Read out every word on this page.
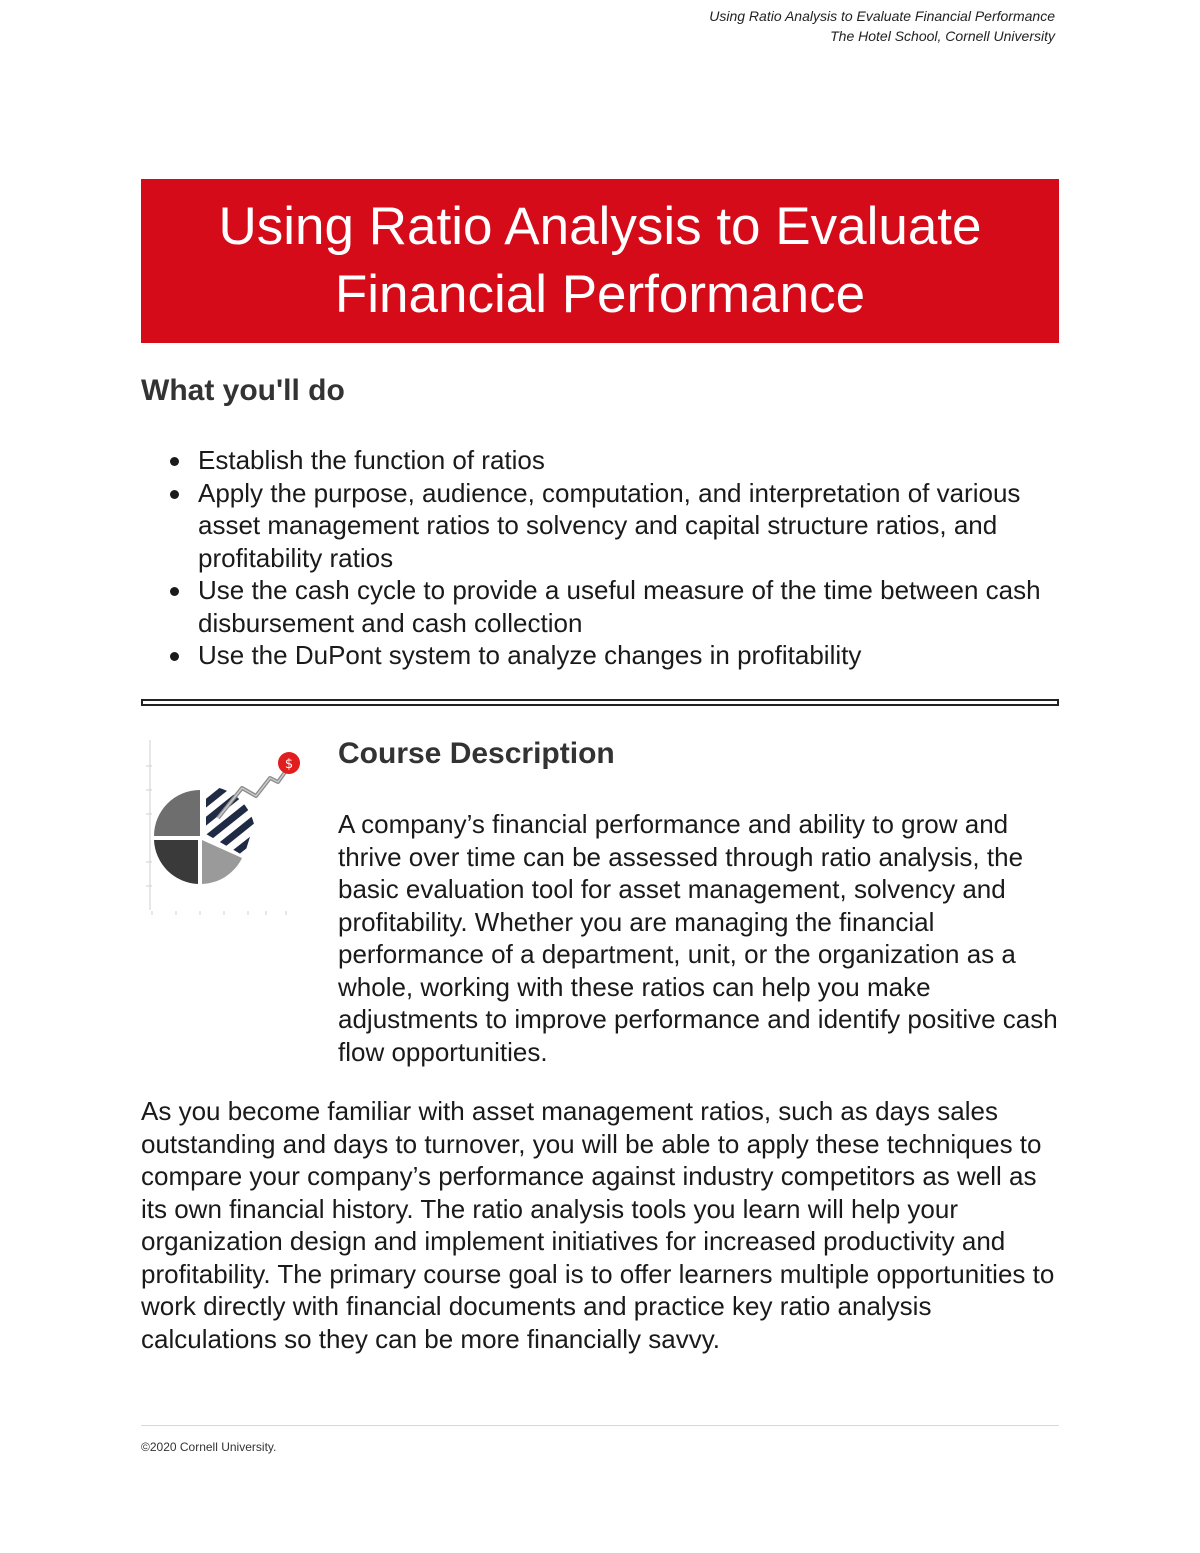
Using Ratio Analysis to Evaluate Financial Performance
The Hotel School, Cornell University
Using Ratio Analysis to Evaluate Financial Performance
What you'll do
Establish the function of ratios
Apply the purpose, audience, computation, and interpretation of various asset management ratios to solvency and capital structure ratios, and profitability ratios
Use the cash cycle to provide a useful measure of the time between cash disbursement and cash collection
Use the DuPont system to analyze changes in profitability
$ Course Description

A company’s financial performance and ability to grow and thrive over time can be assessed through ratio analysis, the basic evaluation tool for asset management, solvency and profitability. Whether you are managing the financial performance of a department, unit, or the organization as a whole, working with these ratios can help you make adjustments to improve performance and identify positive cash flow opportunities.

As you become familiar with asset management ratios, such as days sales outstanding and days to turnover, you will be able to apply these techniques to compare your company’s performance against industry competitors as well as its own financial history. The ratio analysis tools you learn will help your organization design and implement initiatives for increased productivity and profitability. The primary course goal is to offer learners multiple opportunities to work directly with financial documents and practice key ratio analysis calculations so they can be more financially savvy.

©2020 Cornell University.
